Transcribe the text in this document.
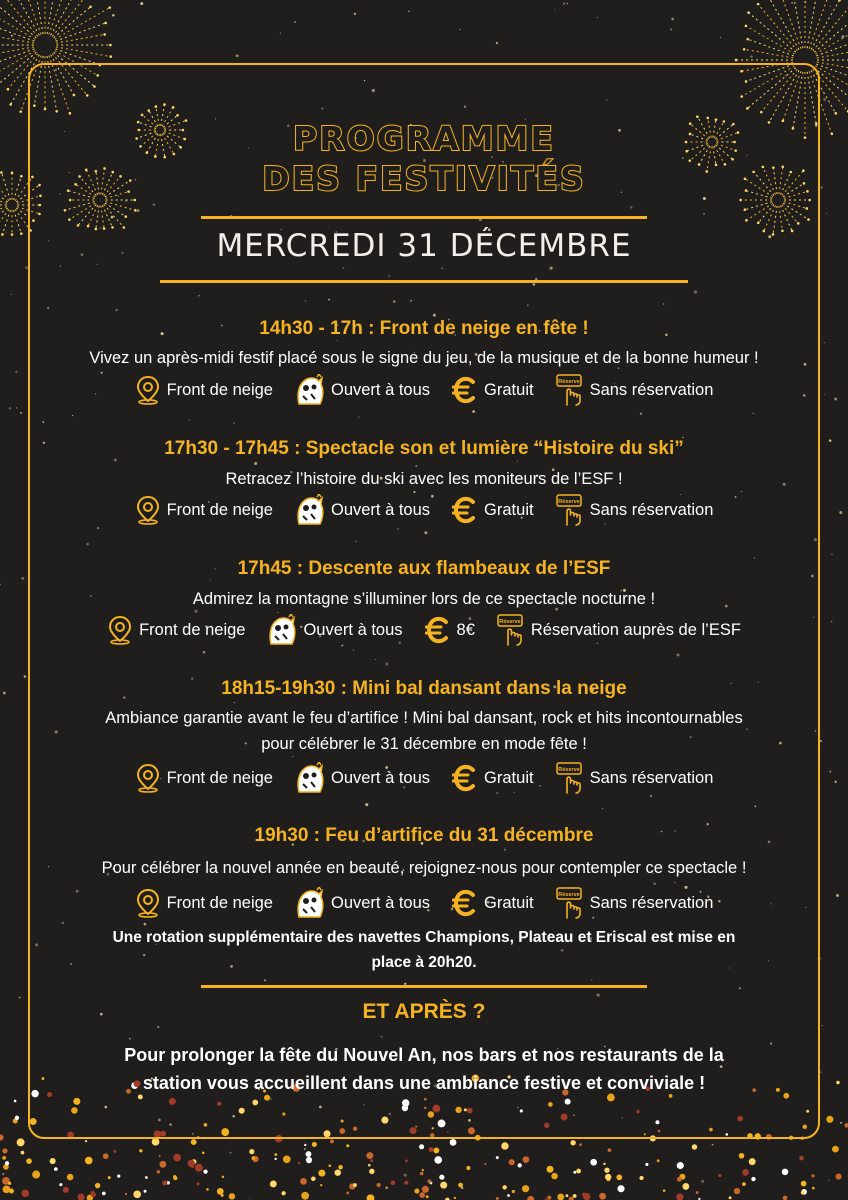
PROGRAMME
DES FESTIVITÉS
MERCREDI 31 DÉCEMBRE
14h30 - 17h : Front de neige en fête !
Vivez un après-midi festif placé sous le signe du jeu, de la musique et de la bonne humeur !
Front de neige	Ouvert à tous	Gratuit	Réserve Sans réservation
17h30 - 17h45 : Spectacle son et lumière “Histoire du ski”
Retracez l’histoire du ski avec les moniteurs de l’ESF !
Front de neige	Ouvert à tous	Gratuit	Réserve Sans réservation
17h45 : Descente aux flambeaux de l’ESF
Admirez la montagne s’illuminer lors de ce spectacle nocturne !
Front de neige	Ouvert à tous	8€	Réserve Réservation auprès de l’ESF
18h15-19h30 : Mini bal dansant dans la neige
Ambiance garantie avant le feu d’artifice ! Mini bal dansant, rock et hits incontournables
pour célébrer le 31 décembre en mode fête !
Front de neige	Ouvert à tous	Gratuit	Réserve Sans réservation
19h30 : Feu d’artifice du 31 décembre
Pour célébrer la nouvel année en beauté, rejoignez-nous pour contempler ce spectacle !
Front de neige	Ouvert à tous	Gratuit	Réserve Sans réservation
Une rotation supplémentaire des navettes Champions, Plateau et Eriscal est mise en
place à 20h20.
ET APRÈS ?
Pour prolonger la fête du Nouvel An, nos bars et nos restaurants de la
station vous accueillent dans une ambiance festive et conviviale !
